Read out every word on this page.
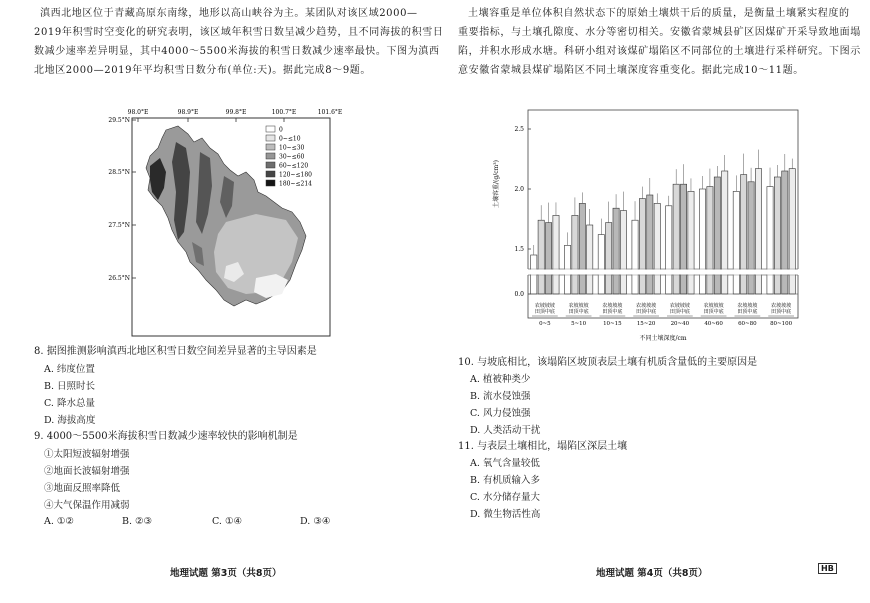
滇西北地区位于青藏高原东南缘，地形以高山峡谷为主。某团队对该区域2000—
2019年积雪时空变化的研究表明，该区域年积雪日数呈减少趋势，且不同海拔的积雪日
数减少速率差异明显，其中4000～5500米海拔的积雪日数减少速率最快。下图为滇西
北地区2000—2019年平均积雪日数分布(单位:天)。据此完成8～9题。
98.0°E	98.9°E	99.8°E	100.7°E	101.6°E
29.5°N
28.5°N
27.5°N
26.5°N
0
0~≤10
10~≤30
30~≤60
60~≤120
120~≤180
180~≤214
8. 据图推测影响滇西北地区积雪日数空间差异显著的主导因素是
A. 纬度位置
B. 日照时长
C. 降水总量
D. 海拔高度
9. 4000～5500米海拔积雪日数减少速率较快的影响机制是
①太阳短波辐射增强
②地面长波辐射增强
③地面反照率降低
④大气保温作用减弱
A. ①②	B. ②③	C. ①④	D. ③④
地理试题 第3页（共8页）
土壤容重是单位体积自然状态下的原始土壤烘干后的质量，是衡量土壤紧实程度的
重要指标，与土壤孔隙度、水分等密切相关。安徽省蒙城县矿区因煤矿开采导致地面塌
陷，并积水形成水塘。科研小组对该煤矿塌陷区不同部位的土壤进行采样研究。下图示
意安徽省蒙城县煤矿塌陷区不同土壤深度容重变化。据此完成10～11题。
0.0
1.5
2.0
2.5
农坡坡坡
田顶中底
0~5
农坡坡坡
田顶中底
5~10
农坡坡坡
田顶中底
10~15
农坡坡坡
田顶中底
15~20
农坡坡坡
田顶中底
20~40
农坡坡坡
田顶中底
40~60
农坡坡坡
田顶中底
60~80
农坡坡坡
田顶中底
80~100
土壤容重/(g/cm³)
不同土壤深度/cm
10. 与坡底相比，该塌陷区坡顶表层土壤有机质含量低的主要原因是
A. 植被种类少
B. 流水侵蚀强
C. 风力侵蚀强
D. 人类活动干扰
11. 与表层土壤相比，塌陷区深层土壤
A. 氧气含量较低
B. 有机质输入多
C. 水分储存量大
D. 微生物活性高
地理试题 第4页（共8页）	HB
